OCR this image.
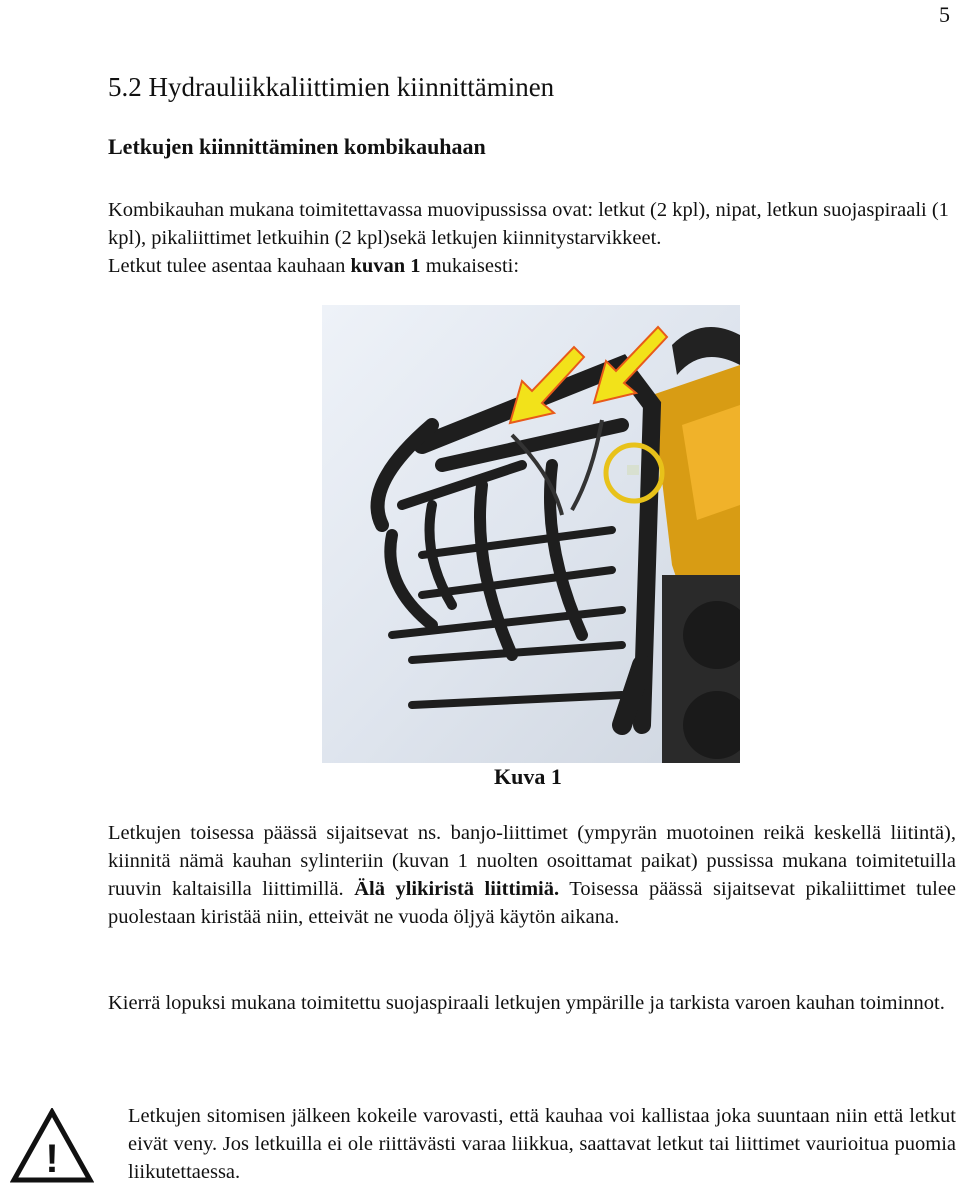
5
5.2 Hydrauliikkaliittimien kiinnittäminen
Letkujen kiinnittäminen kombikauhaan

Kombikauhan mukana toimitettavassa muovipussissa ovat: letkut (2 kpl), nipat, letkun suojaspiraali (1 kpl), pikaliittimet letkuihin (2 kpl)sekä letkujen kiinnitystarvikkeet.
Letkut tulee asentaa kauhaan kuvan 1 mukaisesti:

Kuva 1

Letkujen toisessa päässä sijaitsevat ns. banjo-liittimet (ympyrän muotoinen reikä keskellä liitintä), kiinnitä nämä kauhan sylinteriin (kuvan 1 nuolten osoittamat paikat) pussissa mukana toimitetuilla ruuvin kaltaisilla liittimillä. Älä ylikiristä liittimiä. Toisessa päässä sijaitsevat pikaliittimet tulee puolestaan kiristää niin, etteivät ne vuoda öljyä käytön aikana.

Kierrä lopuksi mukana toimitettu suojaspiraali letkujen ympärille ja tarkista varoen kauhan toiminnot.

!

Letkujen sitomisen jälkeen kokeile varovasti, että kauhaa voi kallistaa joka suuntaan niin että letkut eivät veny. Jos letkuilla ei ole riittävästi varaa liikkua, saattavat letkut tai liittimet vaurioitua puomia liikutettaessa.
